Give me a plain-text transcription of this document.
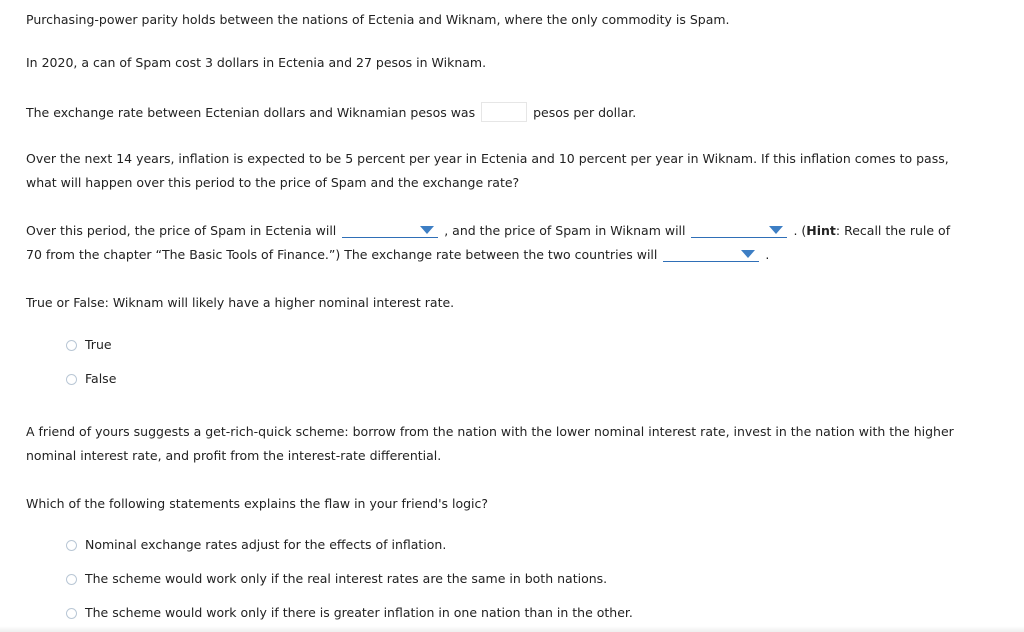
Purchasing-power parity holds between the nations of Ectenia and Wiknam, where the only commodity is Spam.
In 2020, a can of Spam cost 3 dollars in Ectenia and 27 pesos in Wiknam.
The exchange rate between Ectenian dollars and Wiknamian pesos was	pesos per dollar.
Over the next 14 years, inflation is expected to be 5 percent per year in Ectenia and 10 percent per year in Wiknam. If this inflation comes to pass,
what will happen over this period to the price of Spam and the exchange rate?
Over this period, the price of Spam in Ectenia will	, and the price of Spam in Wiknam will	. (Hint: Recall the rule of
70 from the chapter “The Basic Tools of Finance.”) The exchange rate between the two countries will	.
True or False: Wiknam will likely have a higher nominal interest rate.
True
False
A friend of yours suggests a get-rich-quick scheme: borrow from the nation with the lower nominal interest rate, invest in the nation with the higher
nominal interest rate, and profit from the interest-rate differential.
Which of the following statements explains the flaw in your friend's logic?
Nominal exchange rates adjust for the effects of inflation.
The scheme would work only if the real interest rates are the same in both nations.
The scheme would work only if there is greater inflation in one nation than in the other.
